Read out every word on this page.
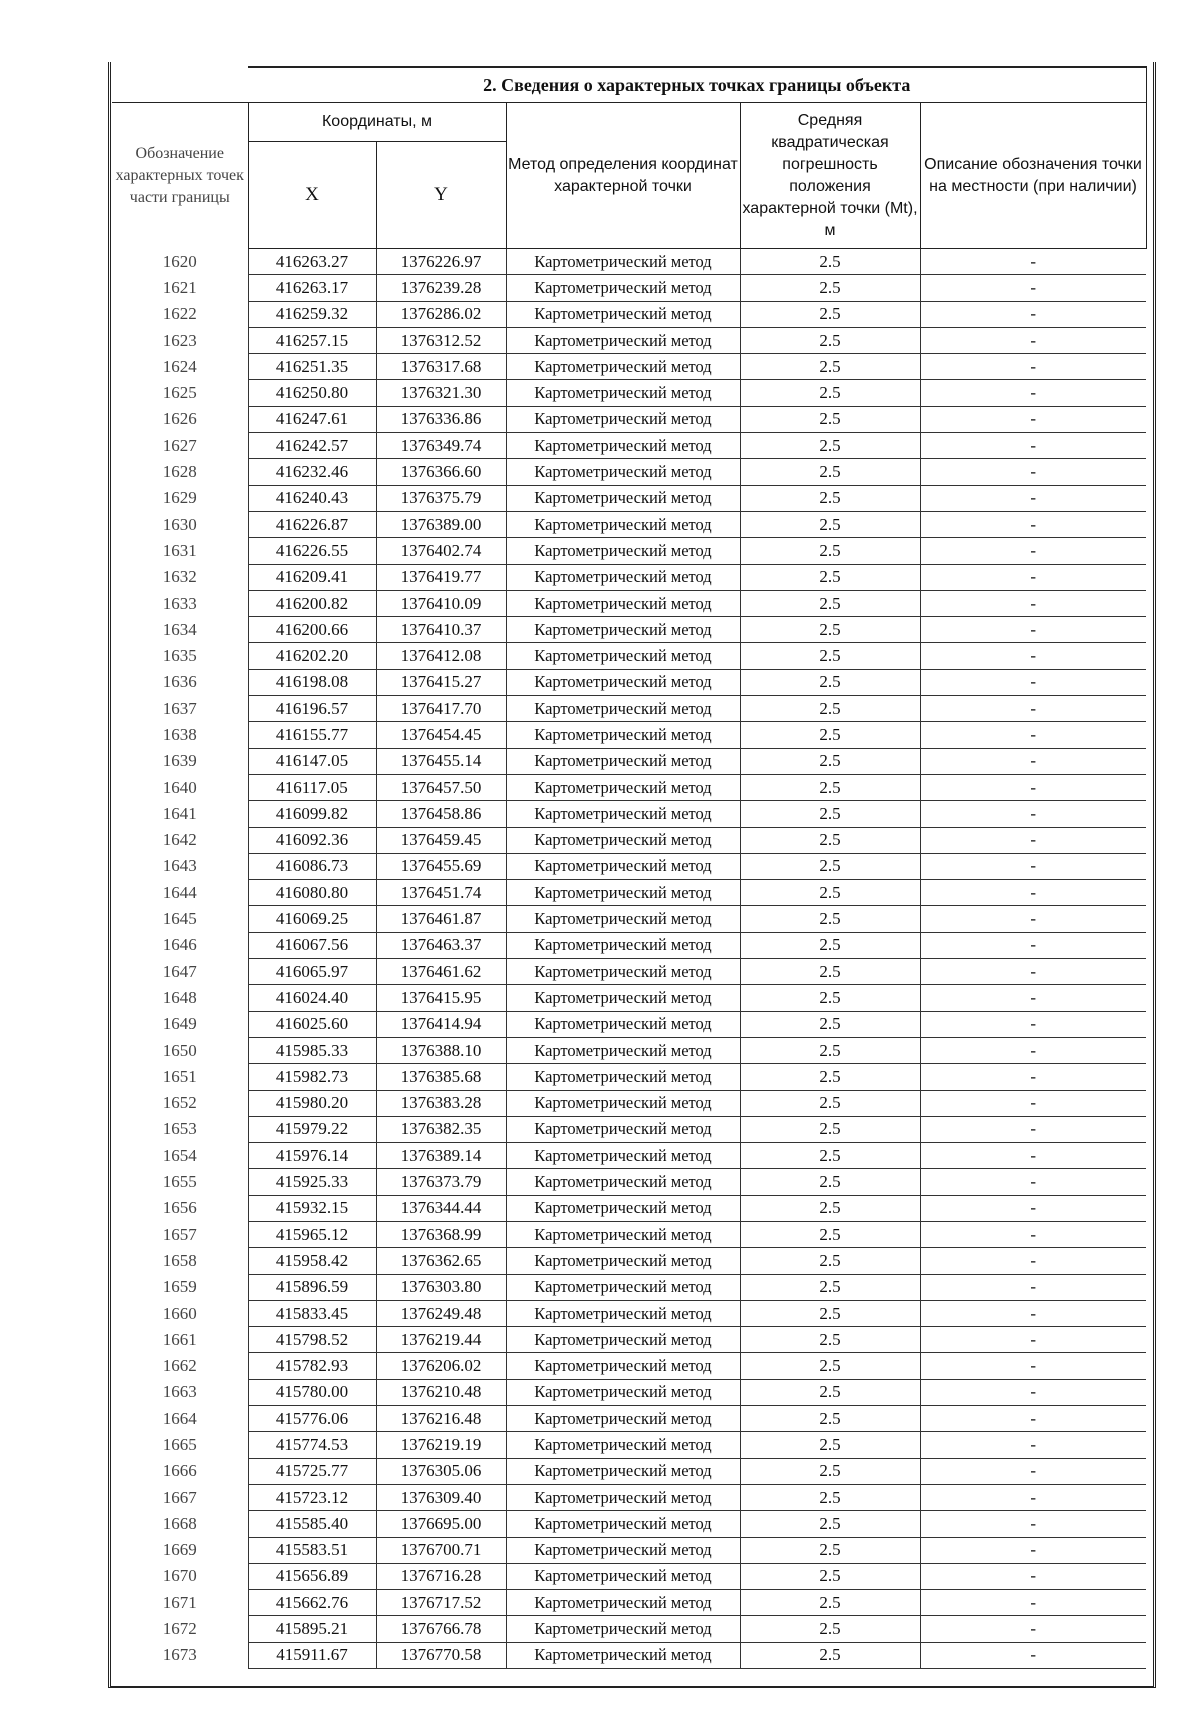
	2. Сведения о характерных точках границы объекта				
Обозначение характерных точек части границы	Координаты, м		Метод определения координат характерной точки	Средняя квадратическая погрешность положения характерной точки (Mt), м	Описание обозначения точки на местности (при наличии)
	X	Y			
1620	416263.27	1376226.97	Картометрический метод	2.5	-
1621	416263.17	1376239.28	Картометрический метод	2.5	-
1622	416259.32	1376286.02	Картометрический метод	2.5	-
1623	416257.15	1376312.52	Картометрический метод	2.5	-
1624	416251.35	1376317.68	Картометрический метод	2.5	-
1625	416250.80	1376321.30	Картометрический метод	2.5	-
1626	416247.61	1376336.86	Картометрический метод	2.5	-
1627	416242.57	1376349.74	Картометрический метод	2.5	-
1628	416232.46	1376366.60	Картометрический метод	2.5	-
1629	416240.43	1376375.79	Картометрический метод	2.5	-
1630	416226.87	1376389.00	Картометрический метод	2.5	-
1631	416226.55	1376402.74	Картометрический метод	2.5	-
1632	416209.41	1376419.77	Картометрический метод	2.5	-
1633	416200.82	1376410.09	Картометрический метод	2.5	-
1634	416200.66	1376410.37	Картометрический метод	2.5	-
1635	416202.20	1376412.08	Картометрический метод	2.5	-
1636	416198.08	1376415.27	Картометрический метод	2.5	-
1637	416196.57	1376417.70	Картометрический метод	2.5	-
1638	416155.77	1376454.45	Картометрический метод	2.5	-
1639	416147.05	1376455.14	Картометрический метод	2.5	-
1640	416117.05	1376457.50	Картометрический метод	2.5	-
1641	416099.82	1376458.86	Картометрический метод	2.5	-
1642	416092.36	1376459.45	Картометрический метод	2.5	-
1643	416086.73	1376455.69	Картометрический метод	2.5	-
1644	416080.80	1376451.74	Картометрический метод	2.5	-
1645	416069.25	1376461.87	Картометрический метод	2.5	-
1646	416067.56	1376463.37	Картометрический метод	2.5	-
1647	416065.97	1376461.62	Картометрический метод	2.5	-
1648	416024.40	1376415.95	Картометрический метод	2.5	-
1649	416025.60	1376414.94	Картометрический метод	2.5	-
1650	415985.33	1376388.10	Картометрический метод	2.5	-
1651	415982.73	1376385.68	Картометрический метод	2.5	-
1652	415980.20	1376383.28	Картометрический метод	2.5	-
1653	415979.22	1376382.35	Картометрический метод	2.5	-
1654	415976.14	1376389.14	Картометрический метод	2.5	-
1655	415925.33	1376373.79	Картометрический метод	2.5	-
1656	415932.15	1376344.44	Картометрический метод	2.5	-
1657	415965.12	1376368.99	Картометрический метод	2.5	-
1658	415958.42	1376362.65	Картометрический метод	2.5	-
1659	415896.59	1376303.80	Картометрический метод	2.5	-
1660	415833.45	1376249.48	Картометрический метод	2.5	-
1661	415798.52	1376219.44	Картометрический метод	2.5	-
1662	415782.93	1376206.02	Картометрический метод	2.5	-
1663	415780.00	1376210.48	Картометрический метод	2.5	-
1664	415776.06	1376216.48	Картометрический метод	2.5	-
1665	415774.53	1376219.19	Картометрический метод	2.5	-
1666	415725.77	1376305.06	Картометрический метод	2.5	-
1667	415723.12	1376309.40	Картометрический метод	2.5	-
1668	415585.40	1376695.00	Картометрический метод	2.5	-
1669	415583.51	1376700.71	Картометрический метод	2.5	-
1670	415656.89	1376716.28	Картометрический метод	2.5	-
1671	415662.76	1376717.52	Картометрический метод	2.5	-
1672	415895.21	1376766.78	Картометрический метод	2.5	-
1673	415911.67	1376770.58	Картометрический метод	2.5	-
